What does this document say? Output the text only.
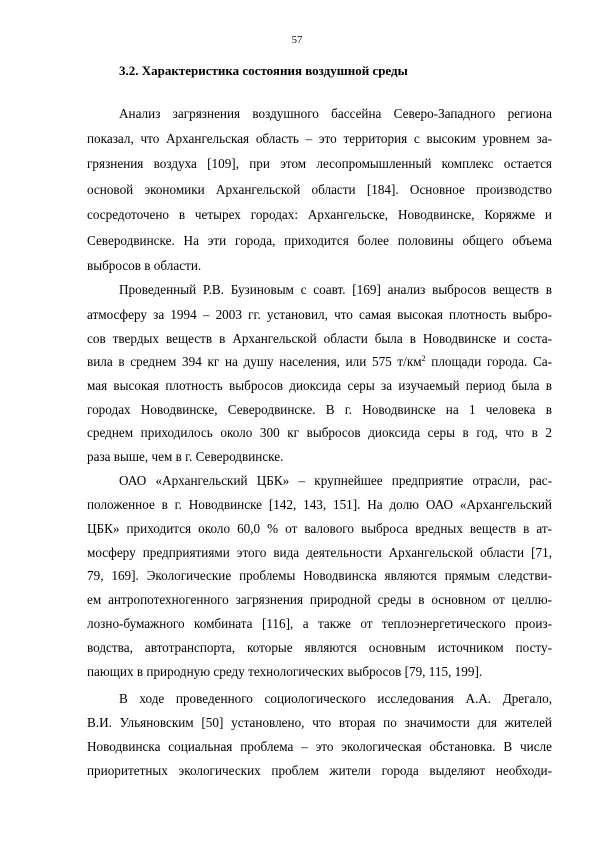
57
3.2. Характеристика состояния воздушной среды
Анализ загрязнения воздушного бассейна Северо-Западного региона
показал, что Архангельская область – это территория с высоким уровнем за-
грязнения воздуха [109], при этом лесопромышленный комплекс остается
основой экономики Архангельской области [184]. Основное производство
сосредоточено в четырех городах: Архангельске, Новодвинске, Коряжме и
Северодвинске. На эти города, приходится более половины общего объема
выбросов в области.
Проведенный Р.В. Бузиновым с соавт. [169] анализ выбросов веществ в
атмосферу за 1994 – 2003 гг. установил, что самая высокая плотность выбро-
сов твердых веществ в Архангельской области была в Новодвинске и соста-
вила в среднем 394 кг на душу населения, или 575 $т/км^2$ площади города. Са-
мая высокая плотность выбросов диоксида серы за изучаемый период была в
городах Новодвинске, Северодвинске. В г. Новодвинске на 1 человека в
среднем приходилось около 300 кг выбросов диоксида серы в год, что в 2
раза выше, чем в г. Северодвинске.
ОАО «Архангельский ЦБК» – крупнейшее предприятие отрасли, рас-
положенное в г. Новодвинске [142, 143, 151]. На долю ОАО «Архангельский
ЦБК» приходится около 60,0 % от валового выброса вредных веществ в ат-
мосферу предприятиями этого вида деятельности Архангельской области [71,
79, 169]. Экологические проблемы Новодвинска являются прямым следстви-
ем антропотехногенного загрязнения природной среды в основном от целлю-
лозно-бумажного комбината [116], а также от теплоэнергетического произ-
водства, автотранспорта, которые являются основным источником посту-
пающих в природную среду технологических выбросов [79, 115, 199].
В ходе проведенного социологического исследования А.А. Дрегало,
В.И. Ульяновским [50] установлено, что вторая по значимости для жителей
Новодвинска социальная проблема – это экологическая обстановка. В числе
приоритетных экологических проблем жители города выделяют необходи-
